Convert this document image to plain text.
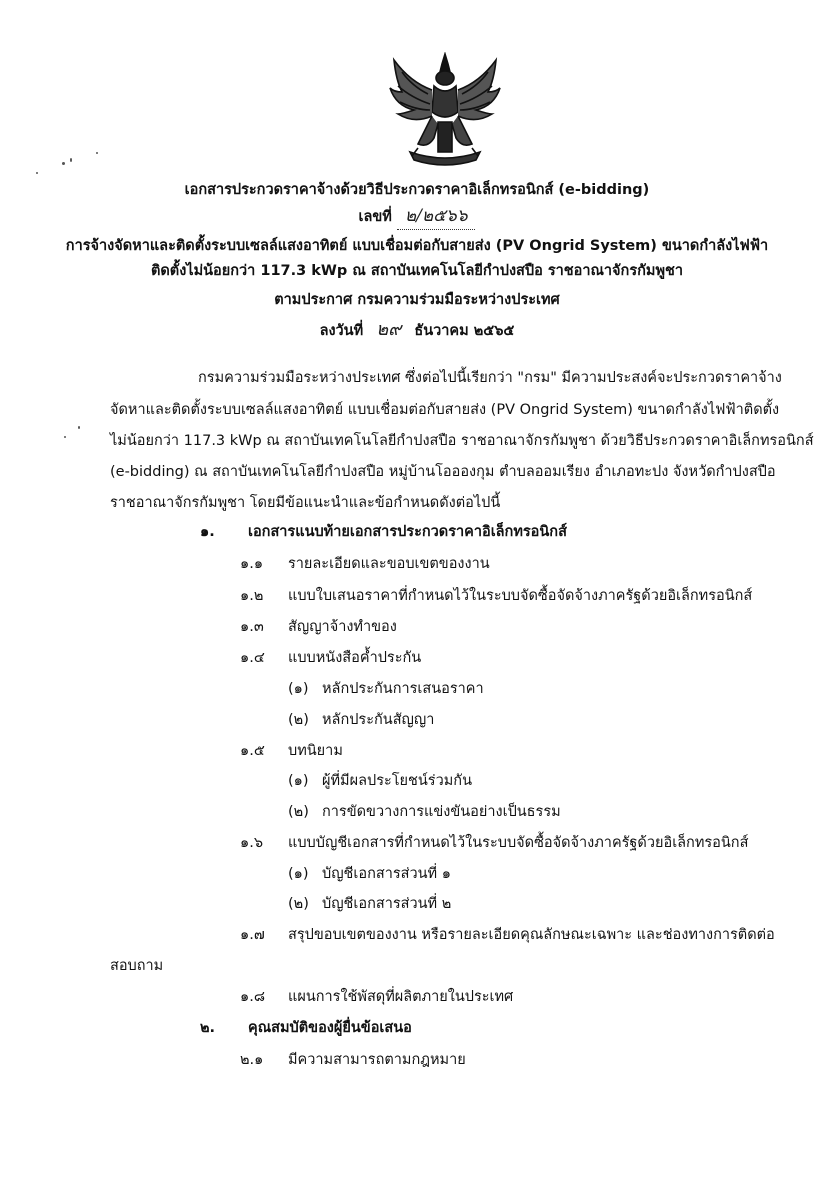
เอกสารประกวดราคาจ้างด้วยวิธีประกวดราคาอิเล็กทรอนิกส์ (e-bidding)
เลขที่ ๒/๒๕๖๖
การจ้างจัดหาและติดตั้งระบบเซลล์แสงอาทิตย์ แบบเชื่อมต่อกับสายส่ง (PV Ongrid System) ขนาดกำลังไฟฟ้า
ติดตั้งไม่น้อยกว่า 117.3 kWp ณ สถาบันเทคโนโลยีกำปงสปือ ราชอาณาจักรกัมพูชา
ตามประกาศ กรมความร่วมมือระหว่างประเทศ
ลงวันที่ ๒๙ ธันวาคม ๒๕๖๕
กรมความร่วมมือระหว่างประเทศ ซึ่งต่อไปนี้เรียกว่า "กรม" มีความประสงค์จะประกวดราคาจ้าง
จัดหาและติดตั้งระบบเซลล์แสงอาทิตย์ แบบเชื่อมต่อกับสายส่ง (PV Ongrid System) ขนาดกำลังไฟฟ้าติดตั้ง
ไม่น้อยกว่า 117.3 kWp ณ สถาบันเทคโนโลยีกำปงสปือ ราชอาณาจักรกัมพูชา ด้วยวิธีประกวดราคาอิเล็กทรอนิกส์
(e-bidding) ณ สถาบันเทคโนโลยีกำปงสปือ หมู่บ้านโออองกุม ตำบลออมเรียง อำเภอทะปง จังหวัดกำปงสปือ
ราชอาณาจักรกัมพูชา โดยมีข้อแนะนำและข้อกำหนดดังต่อไปนี้
๑. เอกสารแนบท้ายเอกสารประกวดราคาอิเล็กทรอนิกส์
๑.๑ รายละเอียดและขอบเขตของงาน
๑.๒ แบบใบเสนอราคาที่กำหนดไว้ในระบบจัดซื้อจัดจ้างภาครัฐด้วยอิเล็กทรอนิกส์
๑.๓ สัญญาจ้างทำของ
๑.๔ แบบหนังสือค้ำประกัน
(๑) หลักประกันการเสนอราคา
(๒) หลักประกันสัญญา
๑.๕ บทนิยาม
(๑) ผู้ที่มีผลประโยชน์ร่วมกัน
(๒) การขัดขวางการแข่งขันอย่างเป็นธรรม
๑.๖ แบบบัญชีเอกสารที่กำหนดไว้ในระบบจัดซื้อจัดจ้างภาครัฐด้วยอิเล็กทรอนิกส์
(๑) บัญชีเอกสารส่วนที่ ๑
(๒) บัญชีเอกสารส่วนที่ ๒
๑.๗ สรุปขอบเขตของงาน หรือรายละเอียดคุณลักษณะเฉพาะ และช่องทางการติดต่อ
สอบถาม
๑.๘ แผนการใช้พัสดุที่ผลิตภายในประเทศ
๒. คุณสมบัติของผู้ยื่นข้อเสนอ
๒.๑ มีความสามารถตามกฎหมาย
